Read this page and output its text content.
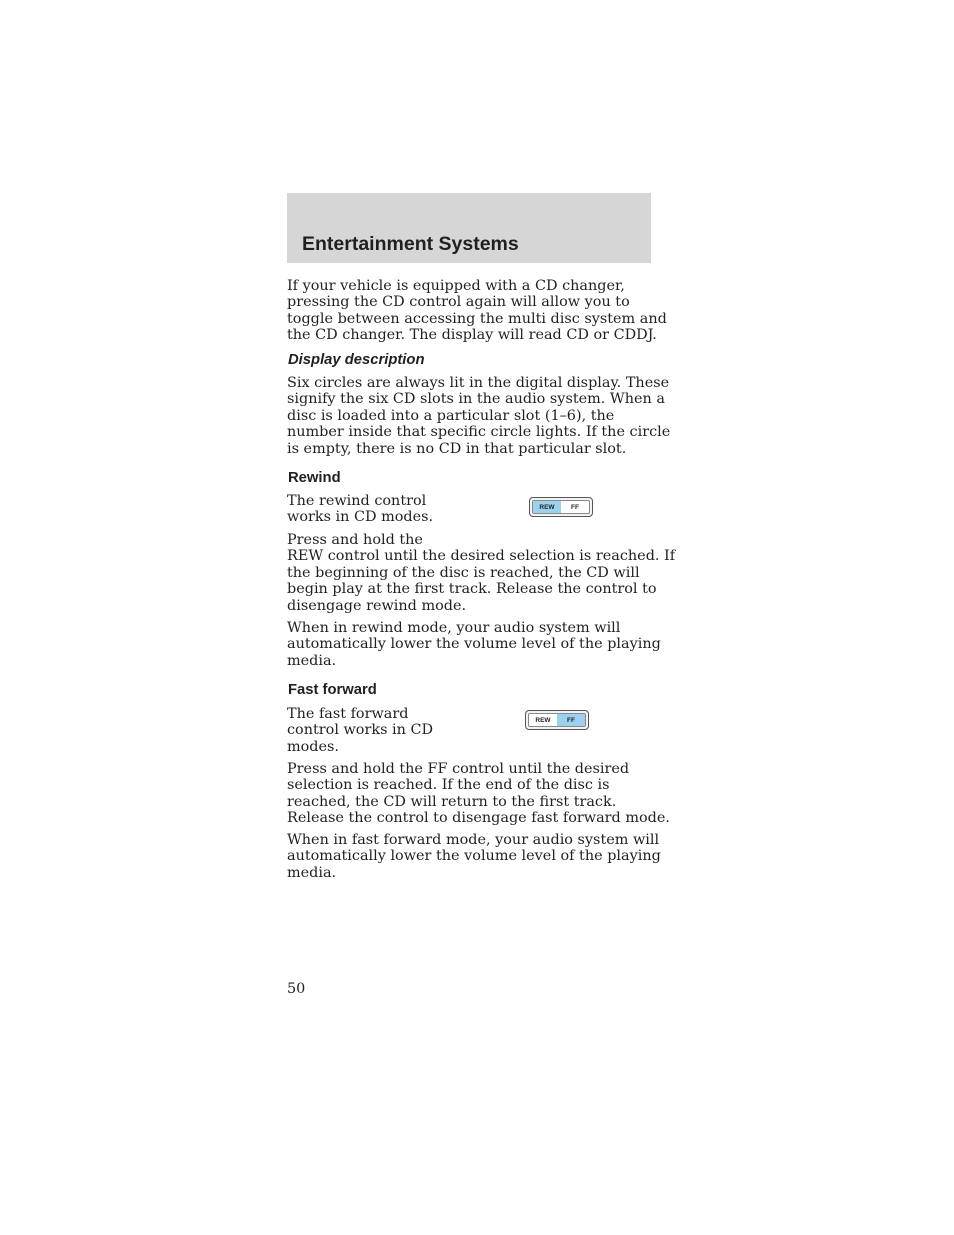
Entertainment Systems

If your vehicle is equipped with a CD changer,
pressing the CD control again will allow you to
toggle between accessing the multi disc system and
the CD changer. The display will read CD or CDDJ.

Display description

Six circles are always lit in the digital display. These
signify the six CD slots in the audio system. When a
disc is loaded into a particular slot (1–6), the
number inside that specific circle lights. If the circle
is empty, there is no CD in that particular slot.

Rewind

The rewind control
works in CD modes.

REW	FF

Press and hold the
REW control until the desired selection is reached. If
the beginning of the disc is reached, the CD will
begin play at the first track. Release the control to
disengage rewind mode.

When in rewind mode, your audio system will
automatically lower the volume level of the playing
media.

Fast forward

The fast forward
control works in CD
modes.

REW	FF

Press and hold the FF control until the desired
selection is reached. If the end of the disc is
reached, the CD will return to the first track.
Release the control to disengage fast forward mode.

When in fast forward mode, your audio system will
automatically lower the volume level of the playing
media.

50
